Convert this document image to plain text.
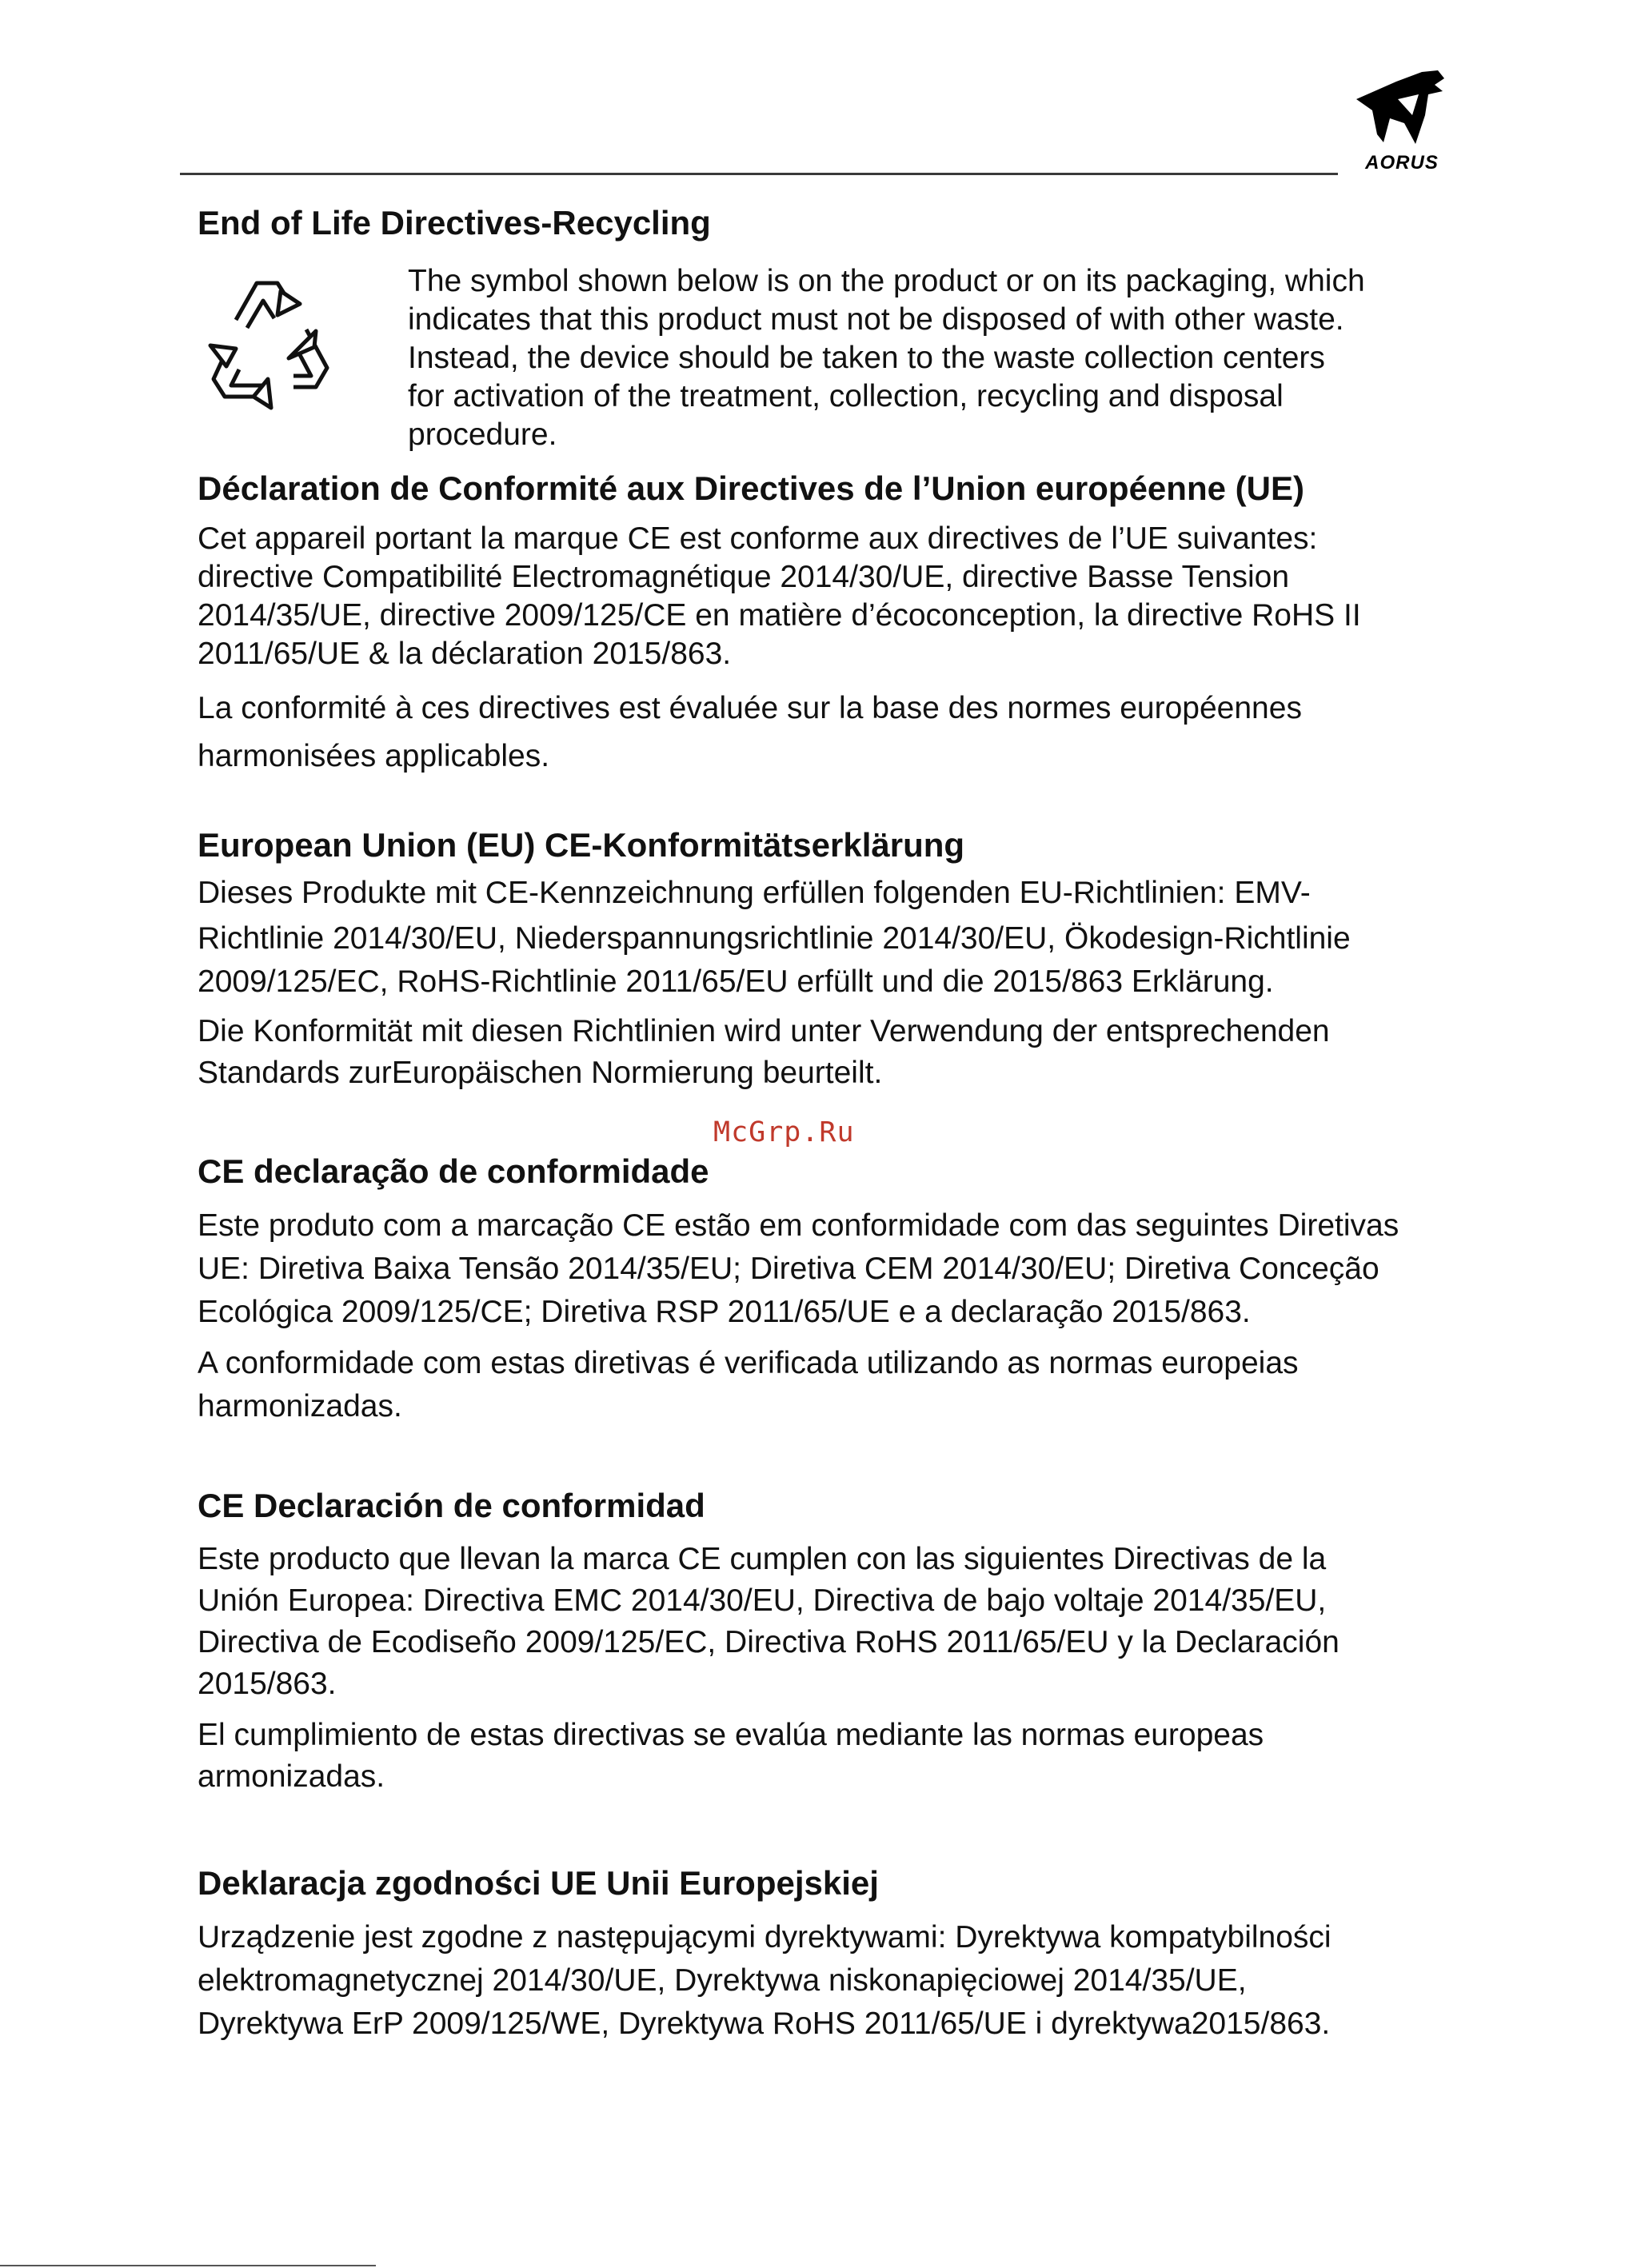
AORUS
End of Life Directives-Recycling

The symbol shown below is on the product or on its packaging, which

indicates that this product must not be disposed of with other waste.

Instead, the device should be taken to the waste collection centers

for activation of the treatment, collection, recycling and disposal

procedure.

Déclaration de Conformité aux Directives de l’Union européenne (UE)

Cet appareil portant la marque CE est conforme aux directives de l’UE suivantes:

directive Compatibilité Electromagnétique 2014/30/UE, directive Basse Tension

2014/35/UE, directive 2009/125/CE en matière d’écoconception, la directive RoHS II

2011/65/UE & la déclaration 2015/863.

La conformité à ces directives est évaluée sur la base des normes européennes

harmonisées applicables.

European Union (EU) CE-Konformitätserklärung

Dieses Produkte mit CE-Kennzeichnung erfüllen folgenden EU-Richtlinien: EMV-

Richtlinie 2014/30/EU, Niederspannungsrichtlinie 2014/30/EU, Ökodesign-Richtlinie

2009/125/EC, RoHS-Richtlinie 2011/65/EU erfüllt und die 2015/863 Erklärung.

Die Konformität mit diesen Richtlinien wird unter Verwendung der entsprechenden

Standards zurEuropäischen Normierung beurteilt.

McGrp.Ru
CE declaração de conformidade

Este produto com a marcação CE estão em conformidade com das seguintes Diretivas

UE: Diretiva Baixa Tensão 2014/35/EU; Diretiva CEM 2014/30/EU; Diretiva Conceção

Ecológica 2009/125/CE; Diretiva RSP 2011/65/UE e a declaração 2015/863.

A conformidade com estas diretivas é verificada utilizando as normas europeias

harmonizadas.

CE Declaración de conformidad

Este producto que llevan la marca CE cumplen con las siguientes Directivas de la

Unión Europea: Directiva EMC 2014/30/EU, Directiva de bajo voltaje 2014/35/EU,

Directiva de Ecodiseño 2009/125/EC, Directiva RoHS 2011/65/EU y la Declaración

2015/863.

El cumplimiento de estas directivas se evalúa mediante las normas europeas

armonizadas.

Deklaracja zgodności UE Unii Europejskiej

Urządzenie jest zgodne z następującymi dyrektywami: Dyrektywa kompatybilności

elektromagnetycznej 2014/30/UE, Dyrektywa niskonapięciowej 2014/35/UE,

Dyrektywa ErP 2009/125/WE, Dyrektywa RoHS 2011/65/UE i dyrektywa2015/863.
